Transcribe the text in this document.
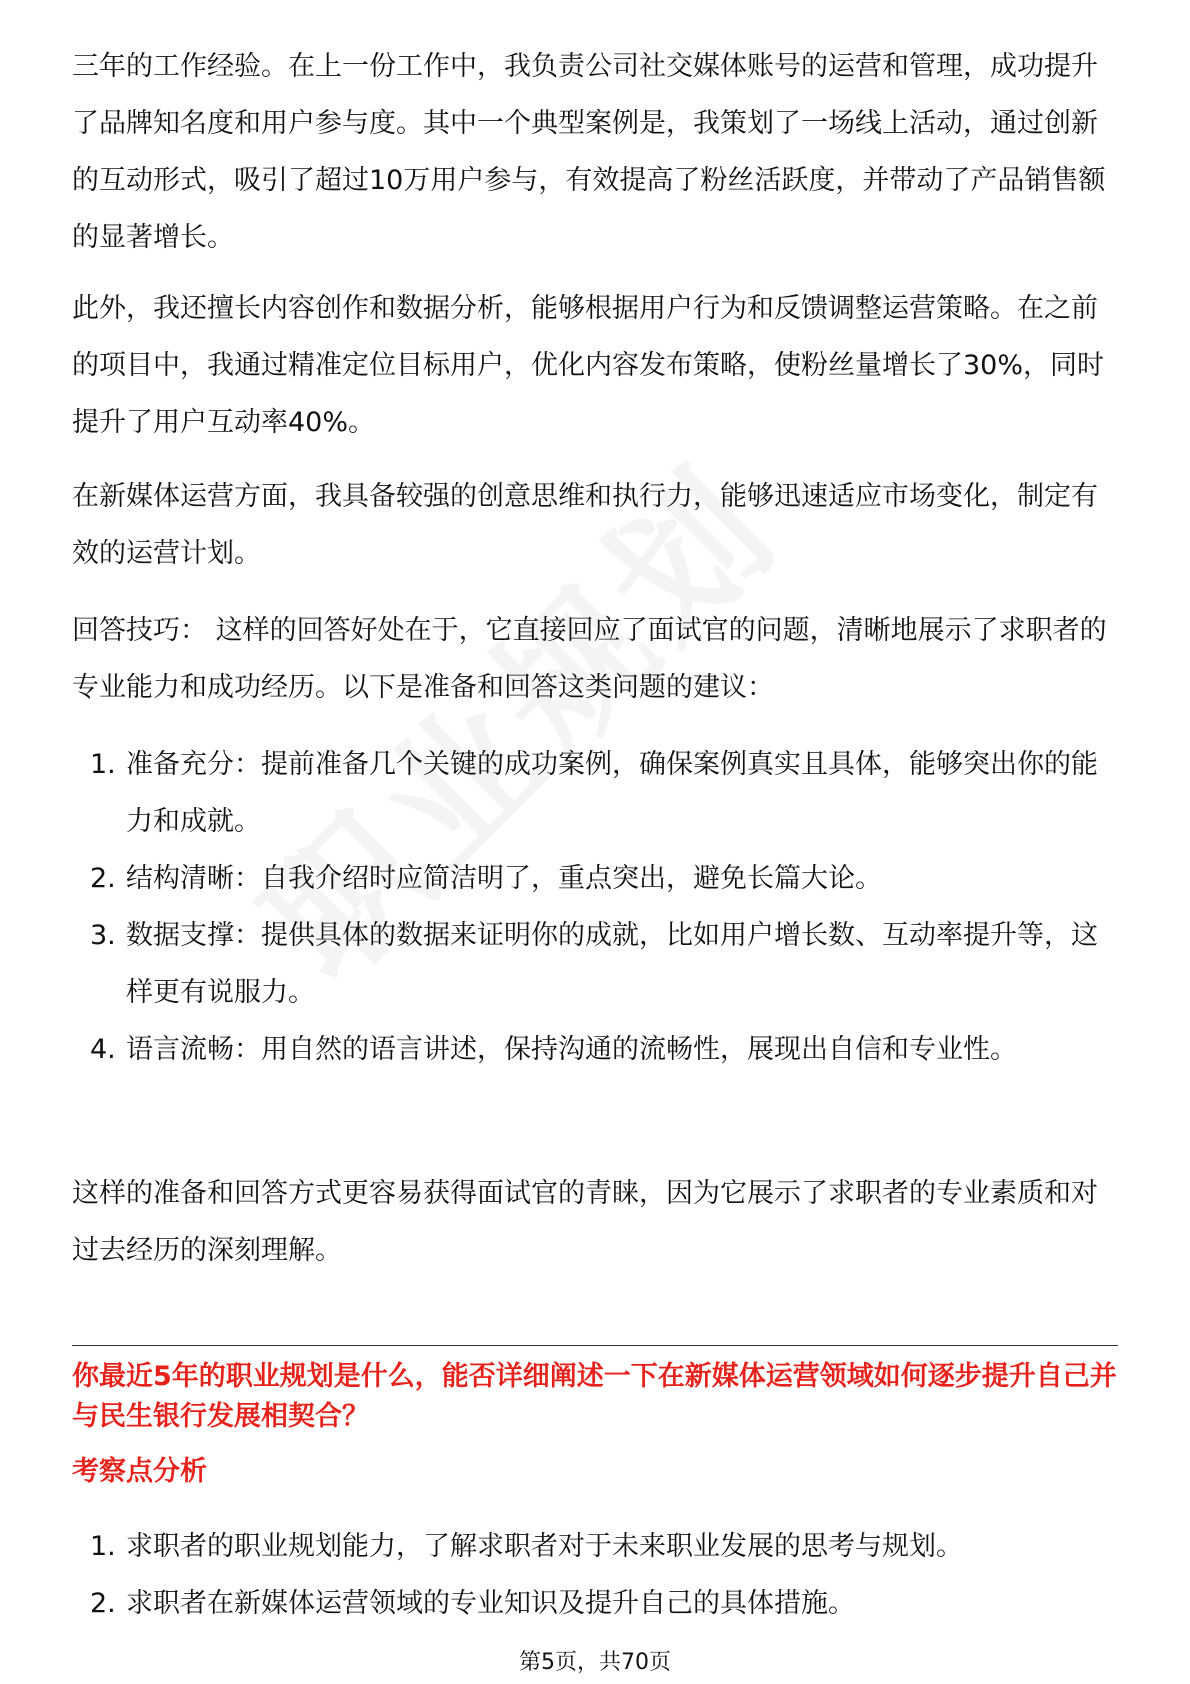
三年的工作经验。在上一份工作中，我负责公司社交媒体账号的运营和管理，成功提升了品牌知名度和用户参与度。其中一个典型案例是，我策划了一场线上活动，通过创新的互动形式，吸引了超过10万用户参与，有效提高了粉丝活跃度，并带动了产品销售额的显著增长。

此外，我还擅长内容创作和数据分析，能够根据用户行为和反馈调整运营策略。在之前的项目中，我通过精准定位目标用户，优化内容发布策略，使粉丝量增长了30%，同时提升了用户互动率40%。

在新媒体运营方面，我具备较强的创意思维和执行力，能够迅速适应市场变化，制定有效的运营计划。

回答技巧： 这样的回答好处在于，它直接回应了面试官的问题，清晰地展示了求职者的专业能力和成功经历。以下是准备和回答这类问题的建议：

1. 准备充分：提前准备几个关键的成功案例，确保案例真实且具体，能够突出你的能力和成就。
2. 结构清晰：自我介绍时应简洁明了，重点突出，避免长篇大论。
3. 数据支撑：提供具体的数据来证明你的成就，比如用户增长数、互动率提升等，这样更有说服力。
4. 语言流畅：用自然的语言讲述，保持沟通的流畅性，展现出自信和专业性。

这样的准备和回答方式更容易获得面试官的青睐，因为它展示了求职者的专业素质和对过去经历的深刻理解。

你最近5年的职业规划是什么，能否详细阐述一下在新媒体运营领域如何逐步提升自己并与民生银行发展相契合？
考察点分析
1. 求职者的职业规划能力，了解求职者对于未来职业发展的思考与规划。
2. 求职者在新媒体运营领域的专业知识及提升自己的具体措施。
第5页，共70页
